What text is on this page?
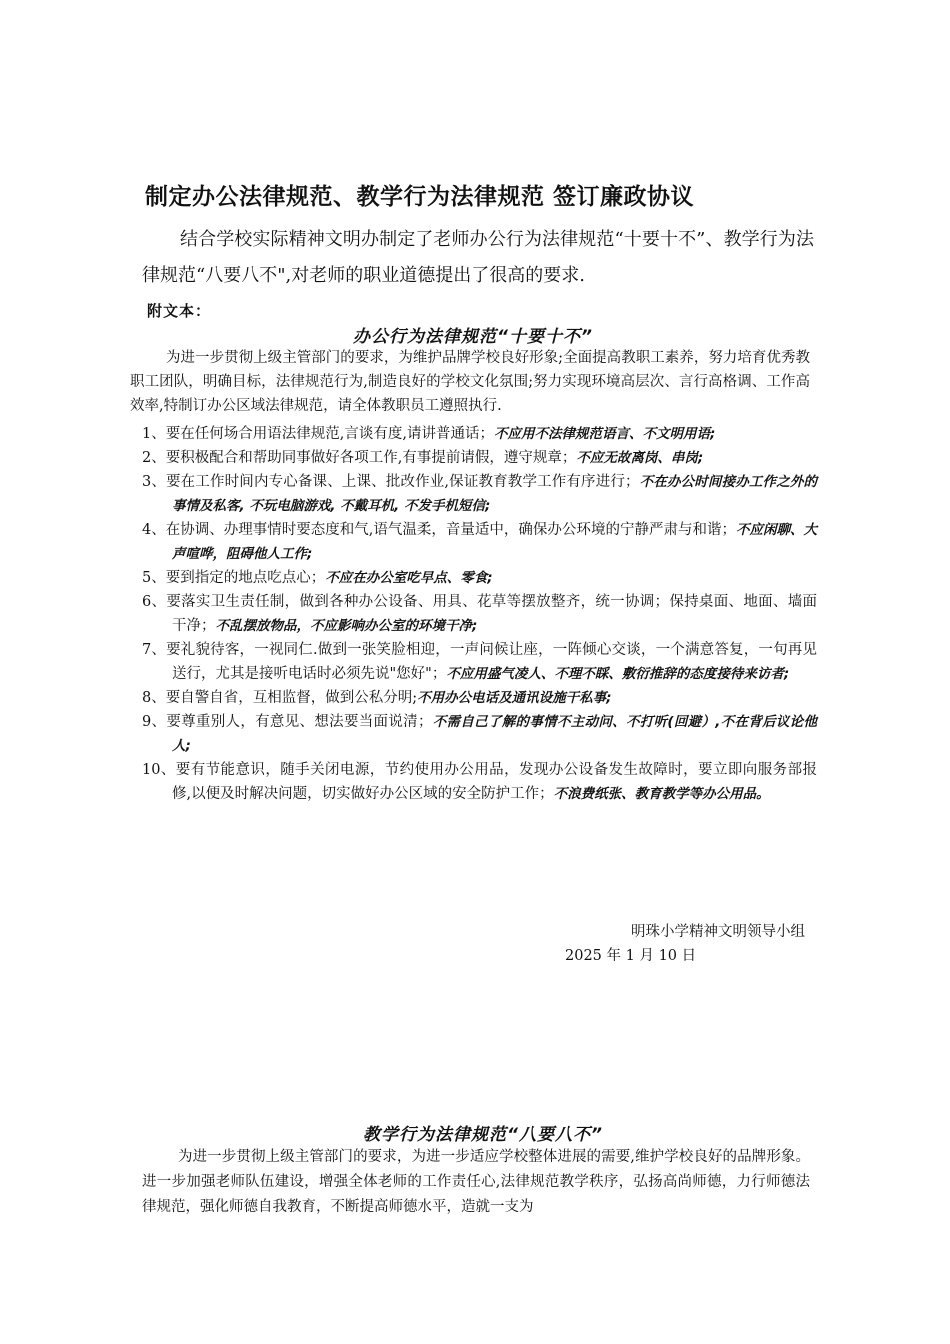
制定办公法律规范、教学行为法律规范 签订廉政协议
结合学校实际精神文明办制定了老师办公行为法律规范“十要十不”、教学行为法律规范“八要八不",对老师的职业道德提出了很高的要求.
附文本：
办公行为法律规范“十要十不”
为进一步贯彻上级主管部门的要求，为维护品牌学校良好形象;全面提高教职工素养，努力培育优秀教职工团队，明确目标，法律规范行为,制造良好的学校文化氛围;努力实现环境高层次、言行高格调、工作高效率,特制订办公区域法律规范，请全体教职员工遵照执行.
1、要在任何场合用语法律规范,言谈有度,请讲普通话；不应用不法律规范语言、不文明用语;
2、要积极配合和帮助同事做好各项工作,有事提前请假，遵守规章；不应无故离岗、串岗;
3、要在工作时间内专心备课、上课、批改作业,保证教育教学工作有序进行；不在办公时间接办工作之外的事情及私客, 不玩电脑游戏, 不戴耳机, 不发手机短信;
4、在协调、办理事情时要态度和气,语气温柔，音量适中，确保办公环境的宁静严肃与和谐；不应闲聊、大声喧哗，阻碍他人工作;
5、要到指定的地点吃点心；不应在办公室吃早点、零食;
6、要落实卫生责任制，做到各种办公设备、用具、花草等摆放整齐，统一协调；保持桌面、地面、墙面干净；不乱摆放物品，不应影响办公室的环境干净;
7、要礼貌待客，一视同仁.做到一张笑脸相迎，一声问候让座，一阵倾心交谈，一个满意答复，一句再见送行，尤其是接听电话时必须先说"您好"；不应用盛气凌人、不理不睬、敷衍推辞的态度接待来访者;
8、要自警自省，互相监督，做到公私分明;不用办公电话及通讯设施干私事;
9、要尊重别人，有意见、想法要当面说清；不需自己了解的事情不主动问、不打听(回避）,不在背后议论他人;
10、要有节能意识，随手关闭电源，节约使用办公用品，发现办公设备发生故障时，要立即向服务部报修,以便及时解决问题，切实做好办公区域的安全防护工作；不浪费纸张、教育教学等办公用品。
明珠小学精神文明领导小组
2025 年 1 月 10 日
教学行为法律规范“八要八不”
为进一步贯彻上级主管部门的要求，为进一步适应学校整体进展的需要,维护学校良好的品牌形象。进一步加强老师队伍建设，增强全体老师的工作责任心,法律规范教学秩序，弘扬高尚师德，力行师德法律规范，强化师德自我教育，不断提高师德水平，造就一支为
